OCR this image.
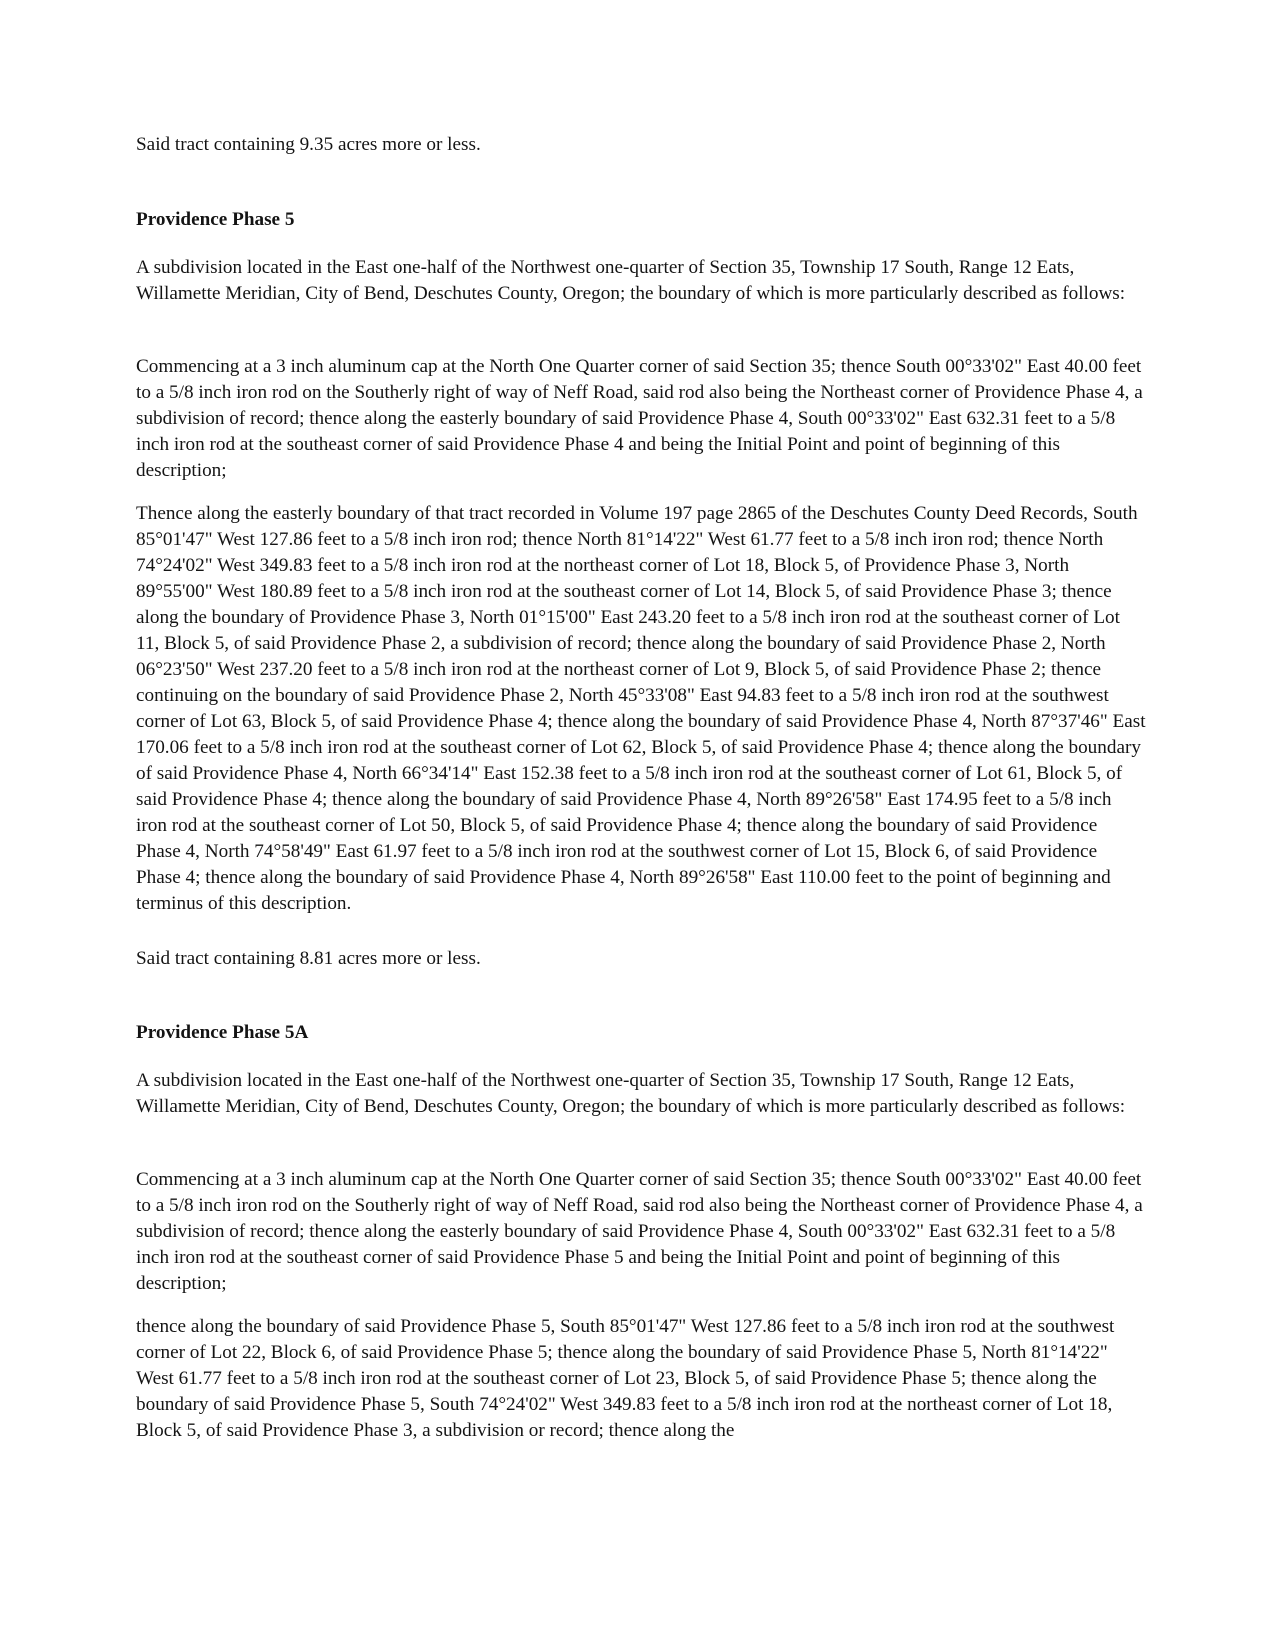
Said tract containing 9.35 acres more or less.

Providence Phase 5

A subdivision located in the East one-half of the Northwest one-quarter of Section 35, Township 17 South, Range 12 Eats, Willamette Meridian, City of Bend, Deschutes County, Oregon; the boundary of which is more particularly described as follows:

Commencing at a 3 inch aluminum cap at the North One Quarter corner of said Section 35; thence South 00°33'02" East 40.00 feet to a 5/8 inch iron rod on the Southerly right of way of Neff Road, said rod also being the Northeast corner of Providence Phase 4, a subdivision of record; thence along the easterly boundary of said Providence Phase 4, South 00°33'02" East 632.31 feet to a 5/8 inch iron rod at the southeast corner of said Providence Phase 4 and being the Initial Point and point of beginning of this description;

Thence along the easterly boundary of that tract recorded in Volume 197 page 2865 of the Deschutes County Deed Records, South 85°01'47" West 127.86 feet to a 5/8 inch iron rod; thence North 81°14'22" West 61.77 feet to a 5/8 inch iron rod; thence North 74°24'02" West 349.83 feet to a 5/8 inch iron rod at the northeast corner of Lot 18, Block 5, of Providence Phase 3, North 89°55'00" West 180.89 feet to a 5/8 inch iron rod at the southeast corner of Lot 14, Block 5, of said Providence Phase 3; thence along the boundary of Providence Phase 3, North 01°15'00" East 243.20 feet to a 5/8 inch iron rod at the southeast corner of Lot 11, Block 5, of said Providence Phase 2, a subdivision of record; thence along the boundary of said Providence Phase 2, North 06°23'50" West 237.20 feet to a 5/8 inch iron rod at the northeast corner of Lot 9, Block 5, of said Providence Phase 2; thence continuing on the boundary of said Providence Phase 2, North 45°33'08" East 94.83 feet to a 5/8 inch iron rod at the southwest corner of Lot 63, Block 5, of said Providence Phase 4; thence along the boundary of said Providence Phase 4, North 87°37'46" East 170.06 feet to a 5/8 inch iron rod at the southeast corner of Lot 62, Block 5, of said Providence Phase 4; thence along the boundary of said Providence Phase 4, North 66°34'14" East 152.38 feet to a 5/8 inch iron rod at the southeast corner of Lot 61, Block 5, of said Providence Phase 4; thence along the boundary of said Providence Phase 4, North 89°26'58" East 174.95 feet to a 5/8 inch iron rod at the southeast corner of Lot 50, Block 5, of said Providence Phase 4; thence along the boundary of said Providence Phase 4, North 74°58'49" East 61.97 feet to a 5/8 inch iron rod at the southwest corner of Lot 15, Block 6, of said Providence Phase 4; thence along the boundary of said Providence Phase 4, North 89°26'58" East 110.00 feet to the point of beginning and terminus of this description.

Said tract containing 8.81 acres more or less.

Providence Phase 5A

A subdivision located in the East one-half of the Northwest one-quarter of Section 35, Township 17 South, Range 12 Eats, Willamette Meridian, City of Bend, Deschutes County, Oregon; the boundary of which is more particularly described as follows:

Commencing at a 3 inch aluminum cap at the North One Quarter corner of said Section 35; thence South 00°33'02" East 40.00 feet to a 5/8 inch iron rod on the Southerly right of way of Neff Road, said rod also being the Northeast corner of Providence Phase 4, a subdivision of record; thence along the easterly boundary of said Providence Phase 4, South 00°33'02" East 632.31 feet to a 5/8 inch iron rod at the southeast corner of said Providence Phase 5 and being the Initial Point and point of beginning of this description;

thence along the boundary of said Providence Phase 5, South 85°01'47" West 127.86 feet to a 5/8 inch iron rod at the southwest corner of Lot 22, Block 6, of said Providence Phase 5; thence along the boundary of said Providence Phase 5, North 81°14'22" West 61.77 feet to a 5/8 inch iron rod at the southeast corner of Lot 23, Block 5, of said Providence Phase 5; thence along the boundary of said Providence Phase 5, South 74°24'02" West 349.83 feet to a 5/8 inch iron rod at the northeast corner of Lot 18, Block 5, of said Providence Phase 3, a subdivision or record; thence along the
